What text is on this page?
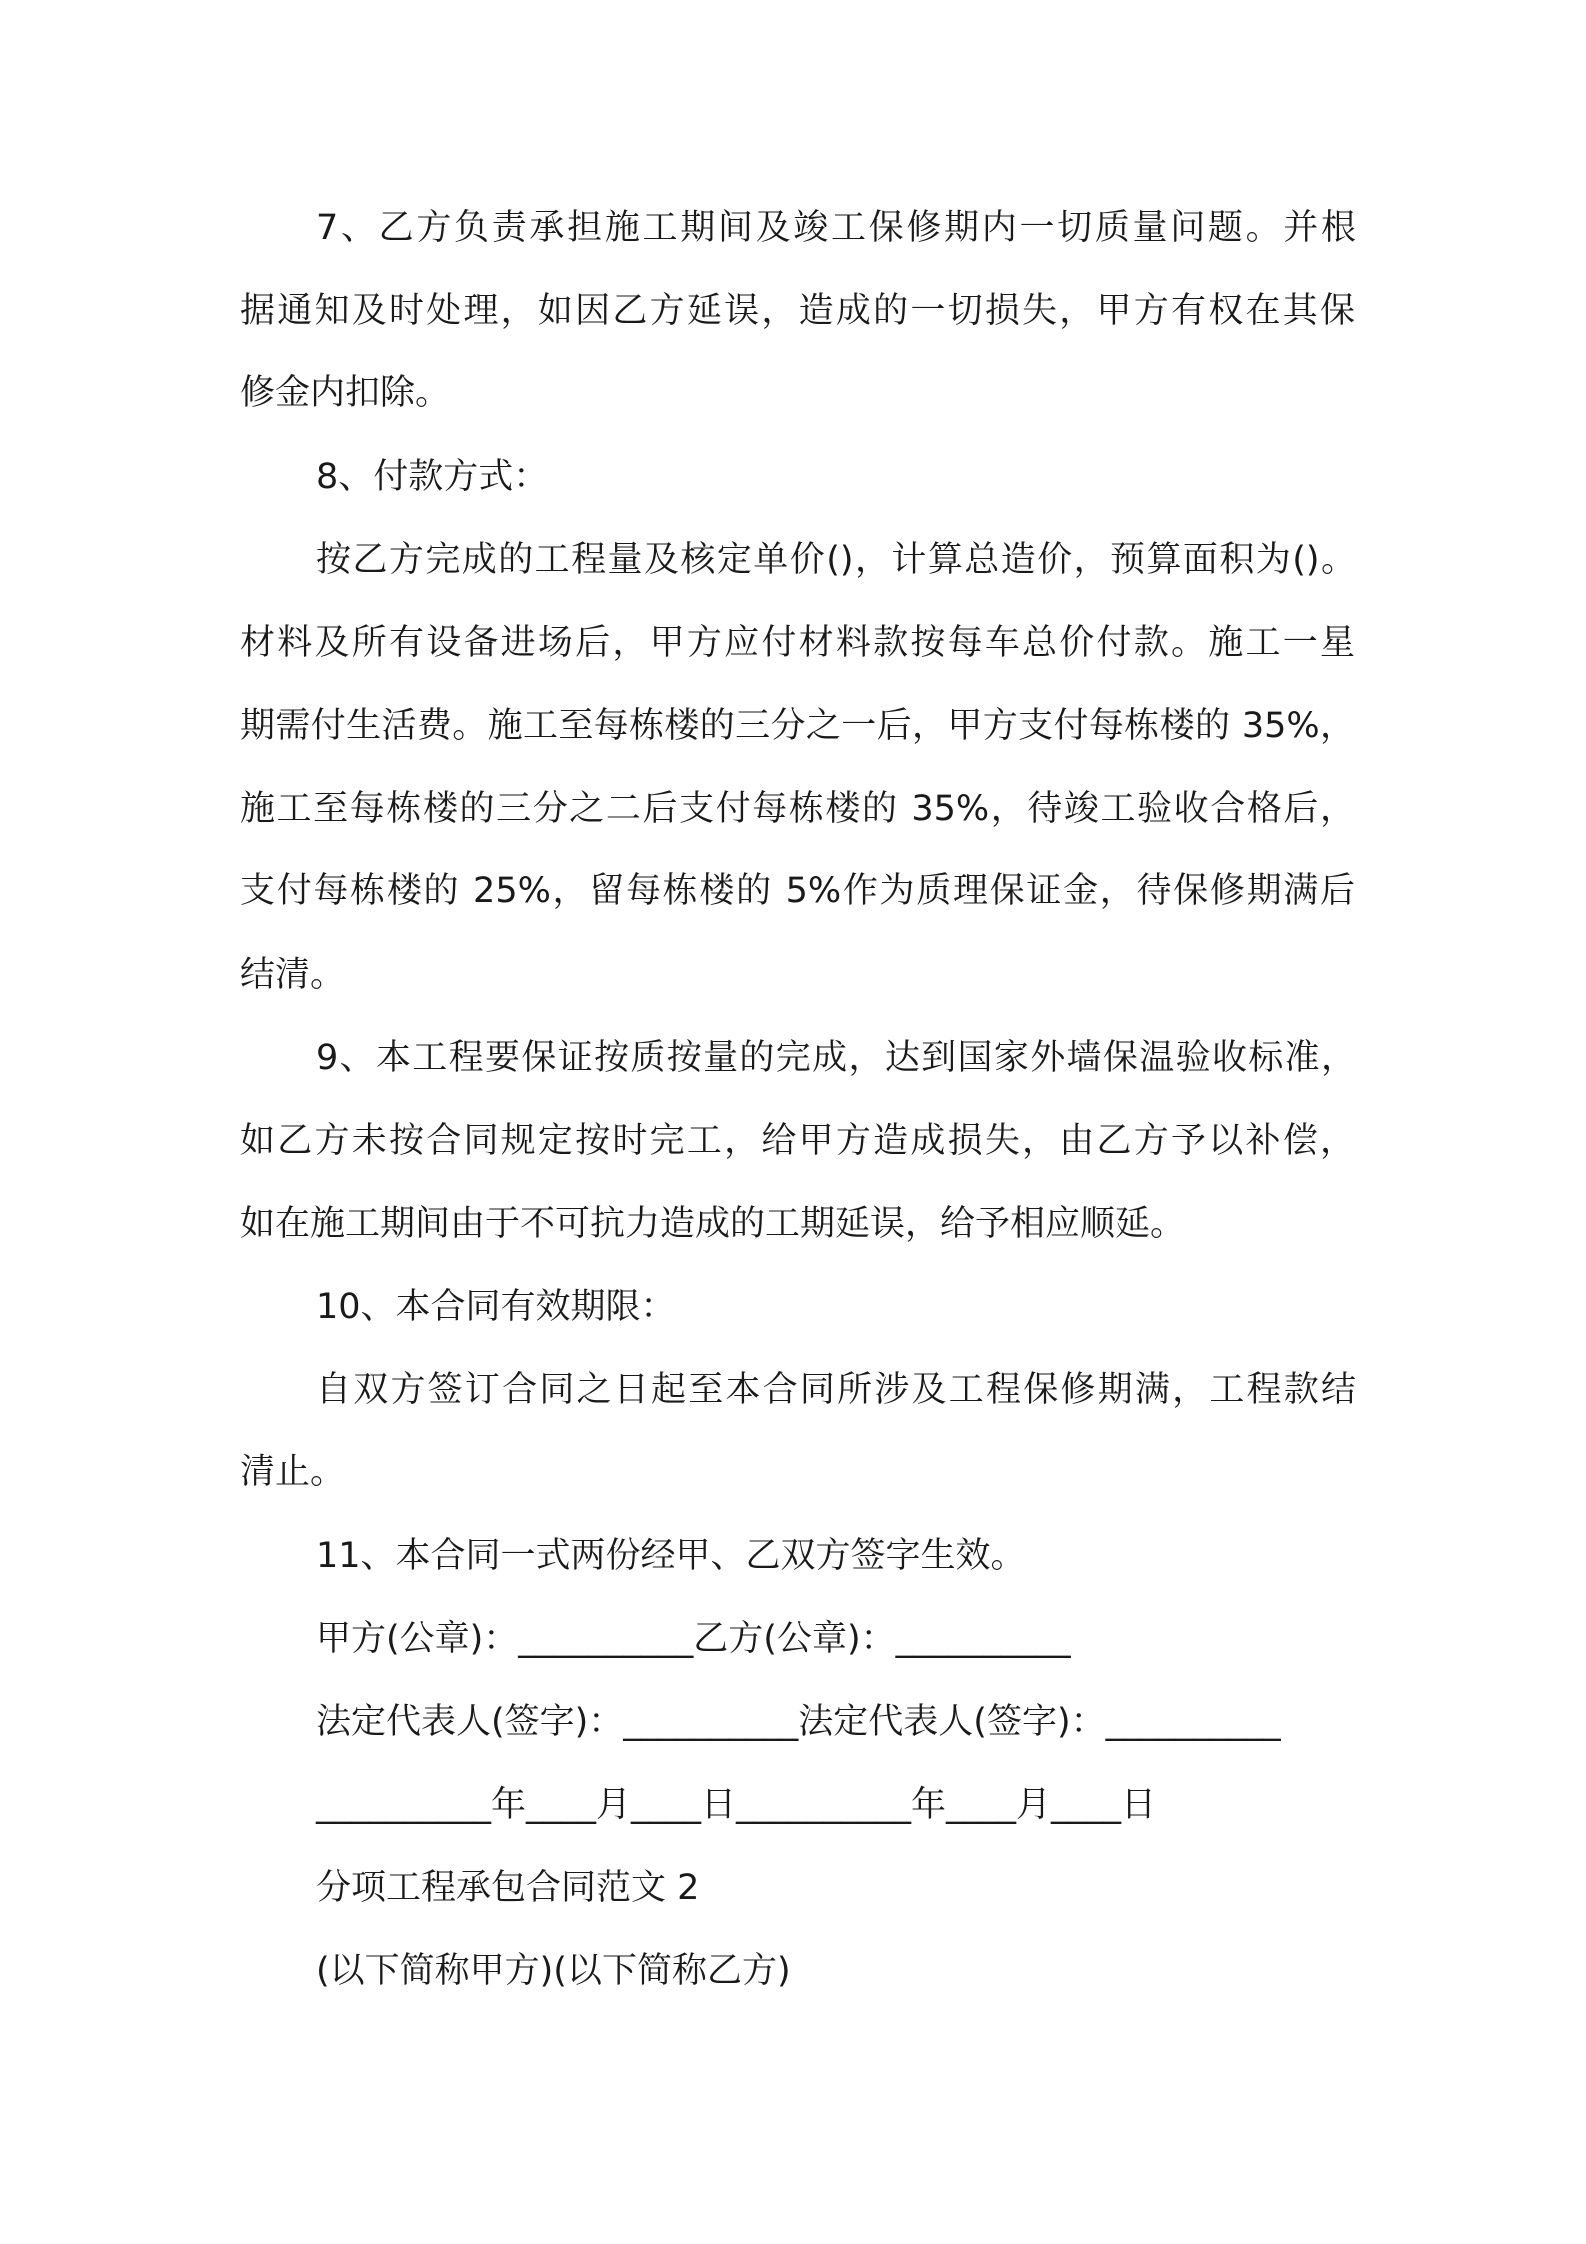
7、乙方负责承担施工期间及竣工保修期内一切质量问题。并根
据通知及时处理，如因乙方延误，造成的一切损失，甲方有权在其保
修金内扣除。
8、付款方式：
按乙方完成的工程量及核定单价()，计算总造价，预算面积为()。
材料及所有设备进场后，甲方应付材料款按每车总价付款。施工一星
期需付生活费。施工至每栋楼的三分之一后，甲方支付每栋楼的 35%，
施工至每栋楼的三分之二后支付每栋楼的 35%，待竣工验收合格后，
支付每栋楼的 25%，留每栋楼的 5%作为质理保证金，待保修期满后
结清。
9、本工程要保证按质按量的完成，达到国家外墙保温验收标准，
如乙方未按合同规定按时完工，给甲方造成损失，由乙方予以补偿，
如在施工期间由于不可抗力造成的工期延误，给予相应顺延。
10、本合同有效期限：
自双方签订合同之日起至本合同所涉及工程保修期满，工程款结
清止。
11、本合同一式两份经甲、乙双方签字生效。
甲方(公章)：__________乙方(公章)：__________
法定代表人(签字)：__________法定代表人(签字)：__________
__________年____月____日__________年____月____日
分项工程承包合同范文 2
(以下简称甲方)(以下简称乙方)
